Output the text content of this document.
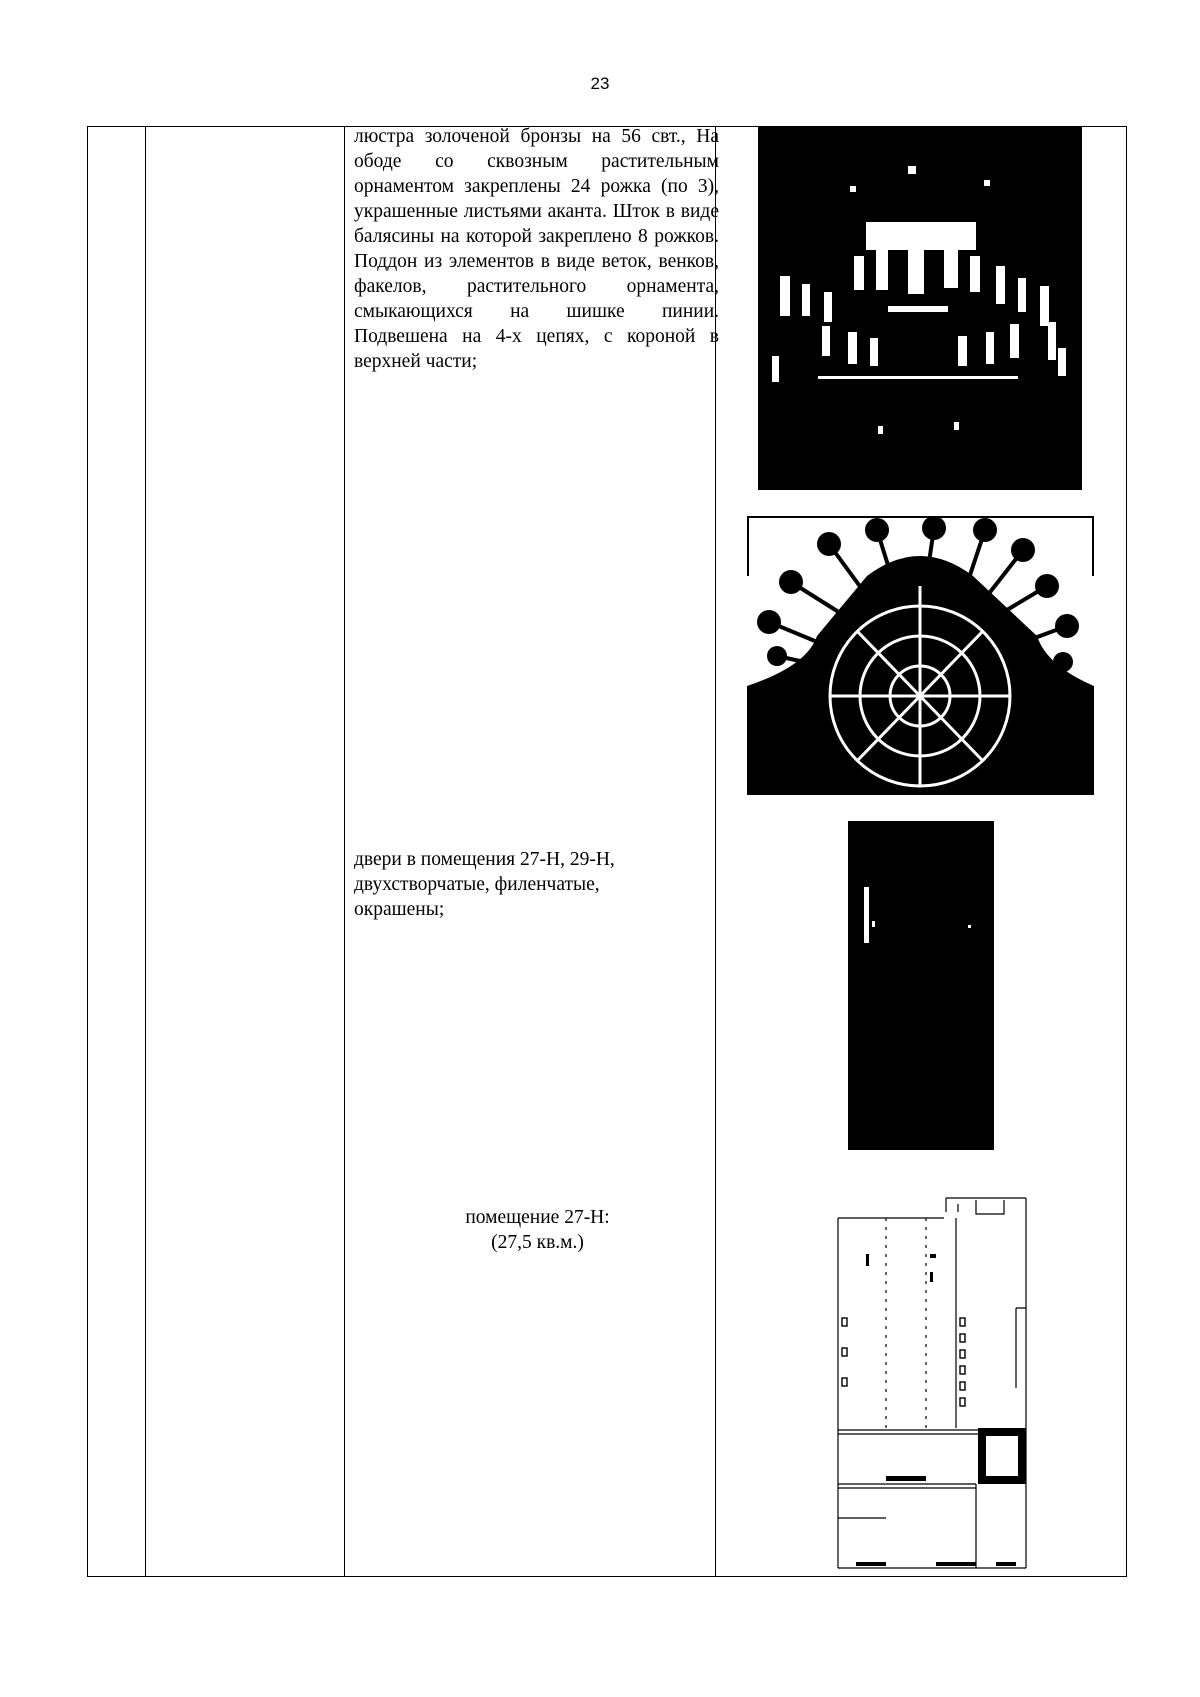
23

люстра золоченой бронзы на 56 свт., На ободе со сквозным растительным орнаментом закреплены 24 рожка (по 3), украшенные листьями аканта. Шток в виде балясины на которой закреплено 8 рожков. Поддон из элементов в виде веток, венков, факелов, растительного орнамента, смыкающихся на шишке пинии. Подвешена на 4-х цепях, с короной в верхней части;

двери в помещения 27-Н, 29-Н, двухстворчатые, филенчатые, окрашены;

помещение 27-Н:
(27,5 кв.м.)
